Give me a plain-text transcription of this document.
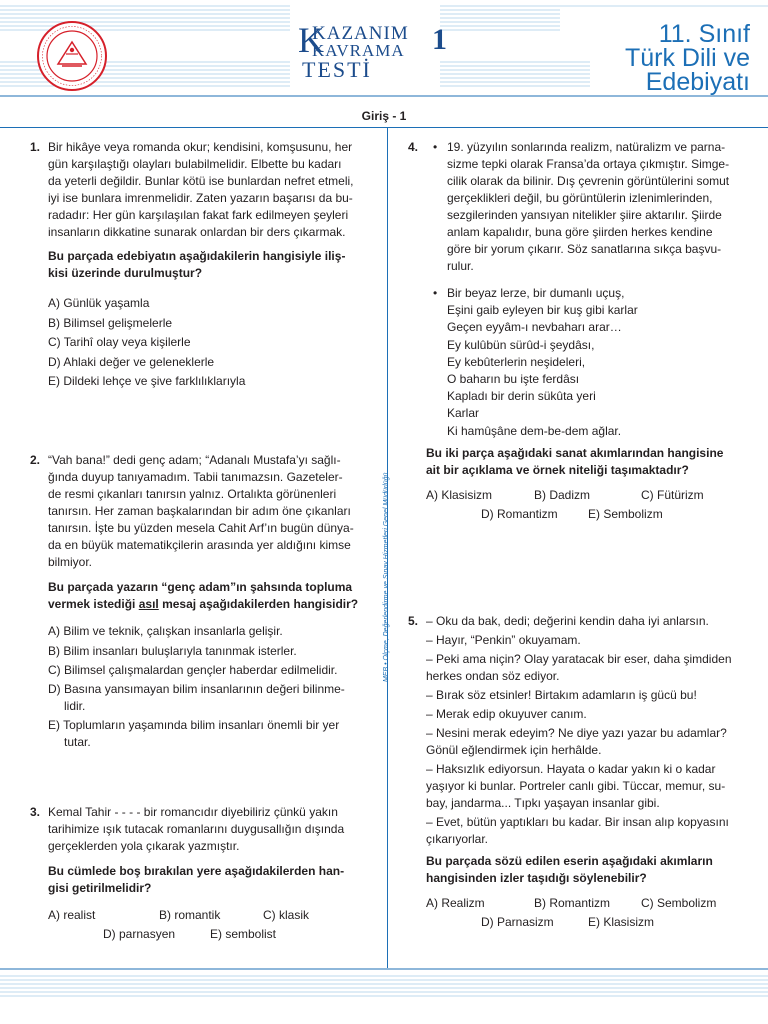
K
KAZANIM
KAVRAMA
TESTİ
1	11. Sınıf
Türk Dili ve
Edebiyatı
Giriş - 1
MEB • Ölçme, Değerlendirme ve Sınav Hizmetleri Genel Müdürlüğü
1. Bir hikâye veya romanda okur; kendisini, komşusunu, her

gün karşılaştığı olayları bulabilmelidir. Elbette bu kadarı

da yeterli değildir. Bunlar kötü ise bunlardan nefret etmeli,

iyi ise bunlara imrenmelidir. Zaten yazarın başarısı da bu-

radadır: Her gün karşılaşılan fakat fark edilmeyen şeyleri

insanların dikkatine sunarak onlardan bir ders çıkarmak.

Bu parçada edebiyatın aşağıdakilerin hangisiyle iliş-

kisi üzerinde durulmuştur?

A) Günlük yaşamla

B) Bilimsel gelişmelerle

C) Tarihî olay veya kişilerle

D) Ahlaki değer ve geleneklerle

E) Dildeki lehçe ve şive farklılıklarıyla

2. “Vah bana!” dedi genç adam; “Adanalı Mustafa’yı sağlı-

ğında duyup tanıyamadım. Tabii tanımazsın. Gazeteler-

de resmi çıkanları tanırsın yalnız. Ortalıkta görünenleri

tanırsın. Her zaman başkalarından bir adım öne çıkanları

tanırsın. İşte bu yüzden mesela Cahit Arf’ın bugün dünya-

da en büyük matematikçilerin arasında yer aldığını kimse

bilmiyor.

Bu parçada yazarın “genç adam”ın şahsında topluma

vermek istediği asıl mesaj aşağıdakilerden hangisidir?

A) Bilim ve teknik, çalışkan insanlarla gelişir.

B) Bilim insanları buluşlarıyla tanınmak isterler.

C) Bilimsel çalışmalardan gençler haberdar edilmelidir.

D) Basına yansımayan bilim insanlarının değeri bilinme-

lidir.

E) Toplumların yaşamında bilim insanları önemli bir yer

tutar.

3. Kemal Tahir - - - - bir romancıdır diyebiliriz çünkü yakın

tarihimize ışık tutacak romanlarını duygusallığın dışında

gerçeklerden yola çıkarak yazmıştır.

Bu cümlede boş bırakılan yere aşağıdakilerden han-

gisi getirilmelidir?

A) realist	B) romantik	C) klasik
D) parnasyen	E) sembolist
4. • 19. yüzyılın sonlarında realizm, natüralizm ve parna-

sizme tepki olarak Fransa’da ortaya çıkmıştır. Simge-

cilik olarak da bilinir. Dış çevrenin görüntülerini somut

gerçeklikleri değil, bu görüntülerin izlenimlerinden,

sezgilerinden yansıyan nitelikler şiire aktarılır. Şiirde

anlam kapalıdır, buna göre şiirden herkes kendine

göre bir yorum çıkarır. Söz sanatlarına sıkça başvu-

rulur.

• Bir beyaz lerze, bir dumanlı uçuş,

Eşini gaib eyleyen bir kuş gibi karlar

Geçen eyyâm-ı nevbaharı arar…

Ey kulûbün sürûd-i şeydâsı,

Ey kebûterlerin neşideleri,

O baharın bu işte ferdâsı

Kapladı bir derin sükûta yeri

Karlar

Ki hamûşâne dem-be-dem ağlar.

Bu iki parça aşağıdaki sanat akımlarından hangisine

ait bir açıklama ve örnek niteliği taşımaktadır?

A) Klasisizm	B) Dadizm	C) Fütürizm
D) Romantizm	E) Sembolizm
5. – Oku da bak, dedi; değerini kendin daha iyi anlarsın.

– Hayır, “Penkin” okuyamam.

– Peki ama niçin? Olay yaratacak bir eser, daha şimdiden

herkes ondan söz ediyor.

– Bırak söz etsinler! Birtakım adamların iş gücü bu!

– Merak edip okuyuver canım.

– Nesini merak edeyim? Ne diye yazı yazar bu adamlar?

Gönül eğlendirmek için herhâlde.

– Haksızlık ediyorsun. Hayata o kadar yakın ki o kadar

yaşıyor ki bunlar. Portreler canlı gibi. Tüccar, memur, su-

bay, jandarma... Tıpkı yaşayan insanlar gibi.

– Evet, bütün yaptıkları bu kadar. Bir insan alıp kopyasını

çıkarıyorlar.

Bu parçada sözü edilen eserin aşağıdaki akımların

hangisinden izler taşıdığı söylenebilir?

A) Realizm	B) Romantizm	C) Sembolizm
D) Parnasizm	E) Klasisizm
